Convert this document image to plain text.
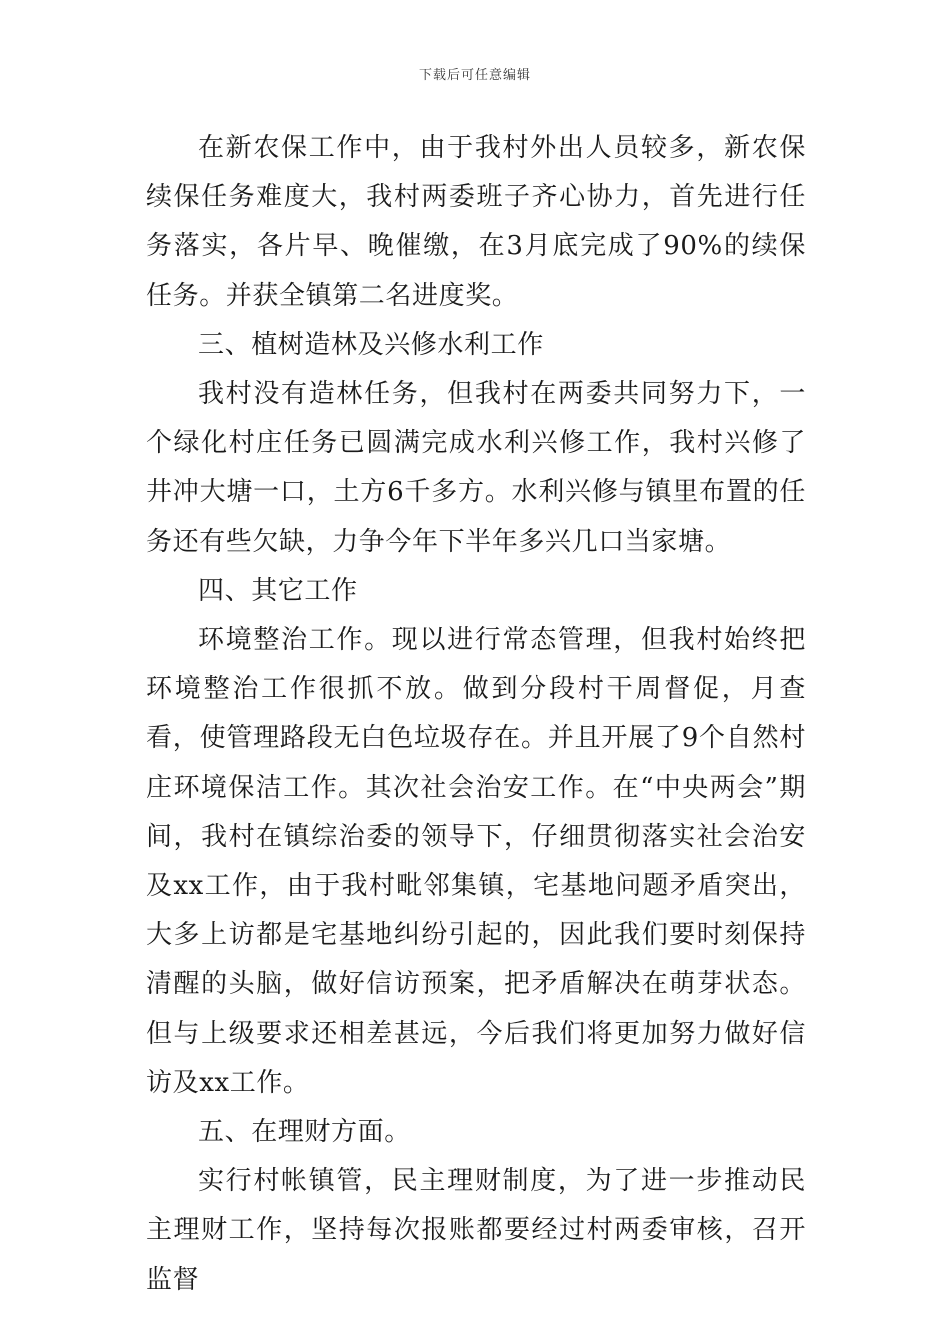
下载后可任意编辑

在新农保工作中，由于我村外出人员较多，新农保续保任务难度大，我村两委班子齐心协力，首先进行任务落实，各片早、晚催缴，在3月底完成了90%的续保任务。并获全镇第二名进度奖。

三、植树造林及兴修水利工作

我村没有造林任务，但我村在两委共同努力下，一个绿化村庄任务已圆满完成水利兴修工作，我村兴修了井冲大塘一口，土方6千多方。水利兴修与镇里布置的任务还有些欠缺，力争今年下半年多兴几口当家塘。

四、其它工作

环境整治工作。现以进行常态管理，但我村始终把环境整治工作很抓不放。做到分段村干周督促，月查看，使管理路段无白色垃圾存在。并且开展了9个自然村庄环境保洁工作。其次社会治安工作。在“中央两会”期间，我村在镇综治委的领导下，仔细贯彻落实社会治安及xx工作，由于我村毗邻集镇，宅基地问题矛盾突出，大多上访都是宅基地纠纷引起的，因此我们要时刻保持清醒的头脑，做好信访预案，把矛盾解决在萌芽状态。但与上级要求还相差甚远，今后我们将更加努力做好信访及xx工作。

五、在理财方面。

实行村帐镇管，民主理财制度，为了进一步推动民主理财工作，坚持每次报账都要经过村两委审核，召开监督
